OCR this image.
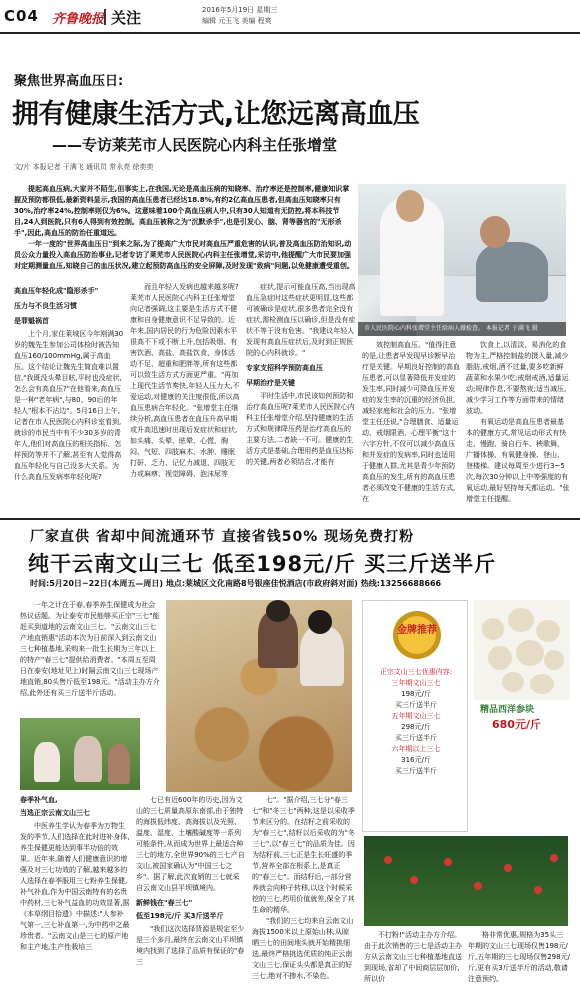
C04 齐鲁晚报 关注	2016年5月19日 星期三
编辑 元玉飞 美编 程爽
聚焦世界高血压日:
拥有健康生活方式,让您远离高血压
——专访莱芜市人民医院心内科主任张增堂
文/片 本报记者 于满飞 通讯员 常永亮 徐奕奕

提起高血压病,大家并不陌生,但事实上,在我国,无论是高血压病的知晓率、治疗率还是控制率,健康知识掌握及预防都很低,最新资料显示,我国的高血压患者已经达18.8%,有约2亿高血压患者,但高血压知晓率只有30%,治疗率24%,控制率则仅为6%。这意味着100个高血压病人中,只有30人知道有无防控,将本科技节目,24人到医院,只有6人得到有效控制。高血压被称之为"沉默杀手",也是引发心、脑、肾等器官的"无形杀手",因此,高血压的防治任重道远。

一年一度的"世界高血压日"到来之际,为了提高广大市民对高血压严重危害的认识,普及高血压防治知识,动员公众力量投入高血压防治事业,记者专访了莱芜市人民医院心内科主任张增堂,采访中,他提醒广大市民要加强对定期测量血压,知晓自己的血压状况,建立起预防高血压的安全屏障,及时发现"致病"问题,以免健康遭受重创。

市人民医院心内科张增堂主任给病人做检查。 本报记者 于满飞 摄
高血压年轻化成"隐形杀手"
压力与不良生活习惯
是罪魁祸首

上个月,家住莱城区今年刚满30岁的魏先生参加公司体检时被告知血压160/100mmHg,属于高血压。这个结论让魏先生简直难以置信,"我既没头晕目眩,平时也没症状,怎么会有高血压?"在他看来,高血压是一种"老年病",与80、90后的年轻人"根本不沾边"。5月16日上午,记者在市人民医院心内科诊室看到,就诊的市民当中有不少30多岁的青年人,他们对高血压的相关指标、怎样预防等并不了解,甚至有人觉得高血压年轻化与自己没多大关系。为什么高血压发病率年轻化呢?

而且年轻人发病也越来越多呢?莱芜市人民医院心内科主任张增堂向记者强调,这主要是生活方式不健康和自身健康意识不足导致的。近年来,国内居民的行为危险因素水平很高不下或不断上升,包括吸烟、有害饮酒、高盐、高盐饮食、身体活动不足、超重和肥胖等,所有这些都可以致生活方式方面更严重。"再加上现代生活节奏快,年轻人压力大,不爱运动,对健康的关注度很低,所以高血压患病合年轻化。"张增堂主任继续分析,高血压患者在血压升高早期或升高迅速时出现后发症状和症状,如头痛、头晕、眩晕、心慌、胸闷、气短、四肢麻木、水肿、睡眠打鼾、乏力、记忆力减退、四肢无力或麻痹、视觉障碍、泡沫尿等

症状,提示可能血压高,当出现高血压急症时这些症状更明显,这些都可被确诊是症状,很多患者完全没有症状,需检测血压以确诊,但是没有症状不等于没有危害。"我建议年轻人发现有高血压症状后,及时到正规医院的心内科就诊。"

专家支招科学预防高血压
早期治疗是关键

平时生活中,市民该如何预防和治疗高血压呢?莱芜市人民医院心内科主任张增堂介绍,坚持健康的生活方式和规律降压药是治疗高血压的主要方法,二者缺一不可。健康的生活方式是基础,合理用药是血压达标的关键,两者必须结合,才能有

效控制高血压。"值得注意的是,让患者早发现早诊断早治疗是关键。早期良好控制的高血压患者,可以显著降低并发症的发生率,同时减少可降血压并发症的发生率的沉重的经济负担,减轻家庭和社会的压力。"张增堂主任还说,"合理膳食、适量运动、戒烟限酒、心理平衡"这十六字方针,不仅可以减少高血压和并发症的发病率,同时也适用于健康人群,尤其是青少年预防高血压的发生,所有的高血压患者必须改变不健康的生活方式,在

饮食上,以清淡、易消化的食物为主,严格控制盐的摄入量,减少脂肪,戒烟,酒不过量,要多吃新鲜蔬菜和水果少吃;戒烟戒酒,适量运动;规律作息,不要熬夜;适当减压,减少学习工作等方面带来的情绪波动。

有氧运动是高血压患者最基本的健康方式,常见运动形式有快走、慢跑、骑自行车、秧歌舞、广播体操、有氧健身操、登山、登楼梯。建议每周至少进行3~5次,每次30分钟以上中等强度的有氧运动,最好坚持每天都运动。"张增堂主任提醒。

厂家直供 省却中间流通环节 直接省钱50% 现场免费打粉
纯干云南文山三七 低至198元/斤 买三斤送半斤
时间:5月20日~22日(本周五—周日) 地点:莱城区文化南路8号银座佳悦酒店(市政府斜对面) 热线:13256688666

一年之计在于春,春季养生保健成为社会热议话题。为让泰安市民能够买正宗"三七"能赶买到道地的云南文山三七。"云南文山三七产地直销惠"活动本次为日前深入到云南文山三七种植基地,采购来一批生长期为三年以上的特产"春三七"提供给消费者。"本周五至周日在泰安(地址见上)时隔云南文山三七现场产地直销,80头售斤低至198元。"活动主办方介绍,此外还有买三斤送半斤活动。

金牌推荐
正宗文山三七优惠内容:
三年期文山三七
198元/斤
买三斤送半斤
五年期文山三七
298元/斤
买三斤送半斤
六年期以上三七
316元/斤
买三斤送半斤
精品西洋参块
680元/斤
春季补气血,
当选正宗云南文山三七

中医养生学认为春季为万物生发的季节,人们选择在此时进补身体,养生保健更能达到事半功倍的效果。近年来,随着人们健康意识的增强及对三七功效的了解,越来越多的人选择在春季服用三七粉养生保健,补气补血,作为中国云南特有的名贵中药材,三七补气益血的功效显著,据《本草纲目拾遗》中描述:"人参补气第一,三七补血第一,为中药中之最珍贵者。"云南文山是三七的原产地和主产地,生产性栽培三

七已有近600年的历史,因为文山的三七质量高原东南部,由于独特的海拔低纬度、高海拔以及光照、温度、湿度、土壤酸碱度等一系列可能条件,从而成为世界上最适合种三七的地方,全世界90%的三七产自文山,被国家确认为"中国三七之乡"。据了解,此次直销的三七就采自云南文山县平坝镇境内。

新鲜钱在"春三七"
低至198元/斤 买3斤送半斤

"我们这次选择货源是规定至少是三个多月,最终在云南文山平坝镇境内找到了选择了品质有保证的"春三

七"。"据介绍,三七分"春三七"和"冬三七"两种,这是以采收季节来区分的。在结籽之前采收的为"春三七",结籽以后采收的为"冬三七",以"春三七"的品质为佳。因为结籽前,三七正是生长旺盛的季节,营养全部在根系上,是真正的"春三七"。而结籽后,一部分营养就会向种子转移,以这个时候采挖的三七,药用价值就差,保全了其生命的精华。

"我们的三七均来自云南文山海拔1500米以上原始山林,从晾晒三七的田间地头就开始精挑细选,最终严格挑选优质的纯正云南文山三七,保证头头都是真正的好三七,绝对不掺水,不染色。

不打粉!"活动主办方介绍。由于此次销售的三七是活动主办方从云南文山三七种植基地直送到现场,省却了中间商层层加价,所以价

格非常优惠,规格为35头三年期的文山三七现场仅售198元/斤,五年期的三七现场仅售298元/斤,更有买3斤送半斤的活动,敬请注意预约。
